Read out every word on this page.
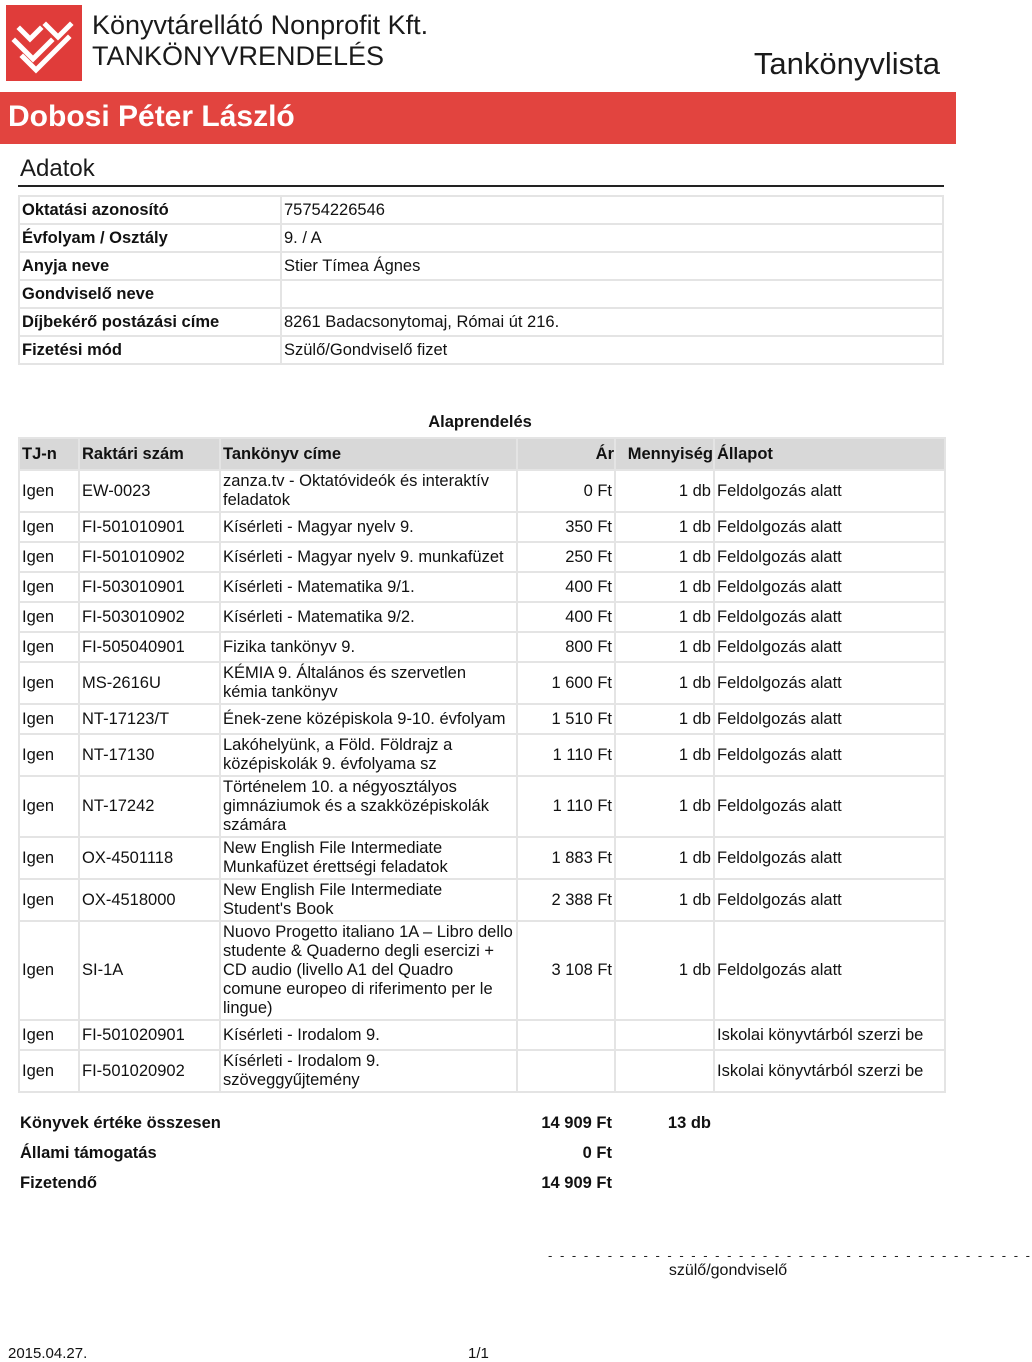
Könyvtárellátó Nonprofit Kft.
TANKÖNYVRENDELÉS	Tankönyvlista
Dobosi Péter László
Adatok
Oktatási azonosító	75754226546
Évfolyam / Osztály	9. / A
Anyja neve	Stier Tímea Ágnes
Gondviselő neve	
Díjbekérő postázási címe	8261 Badacsonytomaj, Római út 216.
Fizetési mód	Szülő/Gondviselő fizet
Alaprendelés
TJ-n	Raktári szám	Tankönyv címe	Ár	Mennyiség	Állapot
Igen	EW-0023	zanza.tv - Oktatóvideók és interaktív feladatok	0 Ft	1 db	Feldolgozás alatt
Igen	FI-501010901	Kísérleti - Magyar nyelv 9.	350 Ft	1 db	Feldolgozás alatt
Igen	FI-501010902	Kísérleti - Magyar nyelv 9. munkafüzet	250 Ft	1 db	Feldolgozás alatt
Igen	FI-503010901	Kísérleti - Matematika 9/1.	400 Ft	1 db	Feldolgozás alatt
Igen	FI-503010902	Kísérleti - Matematika 9/2.	400 Ft	1 db	Feldolgozás alatt
Igen	FI-505040901	Fizika tankönyv 9.	800 Ft	1 db	Feldolgozás alatt
Igen	MS-2616U	KÉMIA 9. Általános és szervetlen kémia tankönyv	1 600 Ft	1 db	Feldolgozás alatt
Igen	NT-17123/T	Ének-zene középiskola 9-10. évfolyam	1 510 Ft	1 db	Feldolgozás alatt
Igen	NT-17130	Lakóhelyünk, a Föld. Földrajz a középiskolák 9. évfolyama sz	1 110 Ft	1 db	Feldolgozás alatt
Igen	NT-17242	Történelem 10. a négyosztályos gimnáziumok és a szakközépiskolák számára	1 110 Ft	1 db	Feldolgozás alatt
Igen	OX-4501118	New English File Intermediate Munkafüzet érettségi feladatok	1 883 Ft	1 db	Feldolgozás alatt
Igen	OX-4518000	New English File Intermediate Student's Book	2 388 Ft	1 db	Feldolgozás alatt
Igen	SI-1A	Nuovo Progetto italiano 1A – Libro dello studente & Quaderno degli esercizi + CD audio (livello A1 del Quadro comune europeo di riferimento per le lingue)	3 108 Ft	1 db	Feldolgozás alatt
Igen	FI-501020901	Kísérleti - Irodalom 9.			Iskolai könyvtárból szerzi be
Igen	FI-501020902	Kísérleti - Irodalom 9. szöveggyűjtemény			Iskolai könyvtárból szerzi be
Könyvek értéke összesen	14 909 Ft	13 db	
Állami támogatás	0 Ft		
Fizetendő	14 909 Ft		
- - - - - - - - - - - - - - - - - - - - - - - - - - - - - - - - - - - - - - - - -
szülő/gondviselő
2015.04.27.	1/1
